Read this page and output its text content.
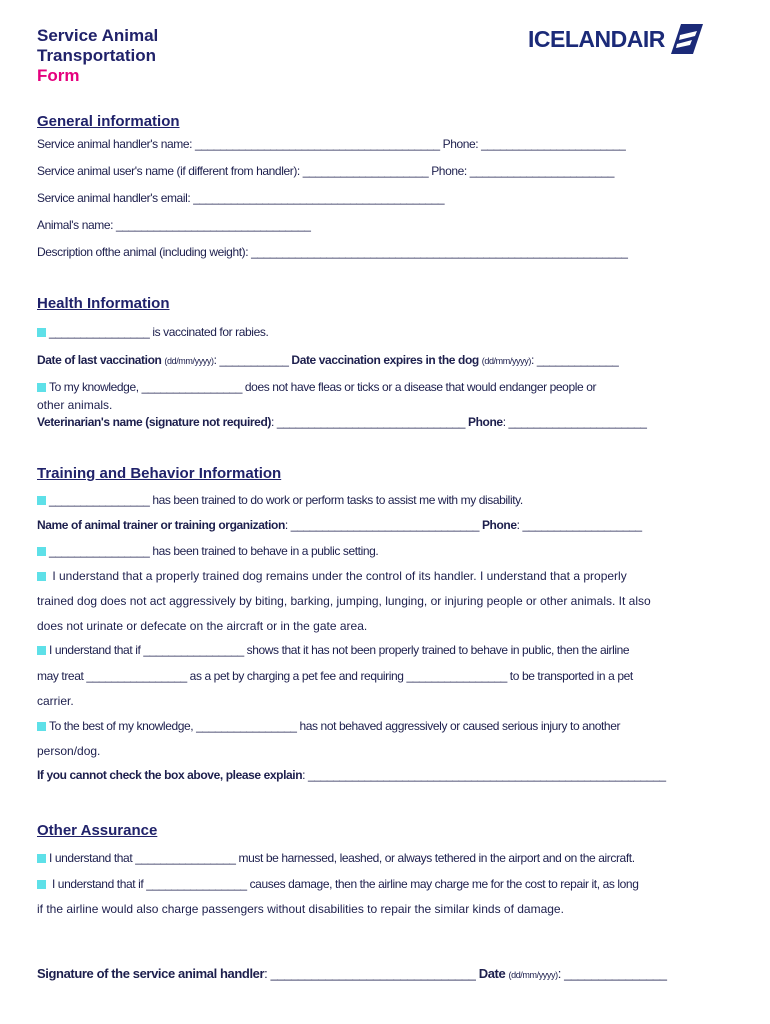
Service Animal
Transportation
Form
ICELANDAIR
General information
Service animal handler's name: _______________________________________ Phone: _______________________
Service animal user's name (if different from handler): ____________________ Phone: _______________________
Service animal handler's email: ________________________________________
Animal's name: _______________________________
Description ofthe animal (including weight): ____________________________________________________________
Health Information
________________ is vaccinated for rabies.
Date of last vaccination (dd/mm/yyyy): ___________ Date vaccination expires in the dog (dd/mm/yyyy): _____________
To my knowledge, ________________ does not have fleas or ticks or a disease that would endanger people or
other animals.
Veterinarian's name (signature not required): ______________________________ Phone: ______________________
Training and Behavior Information
________________ has been trained to do work or perform tasks to assist me with my disability.
Name of animal trainer or training organization: ______________________________ Phone: ___________________
________________ has been trained to behave in a public setting.
I understand that a properly trained dog remains under the control of its handler. I understand that a properly
trained dog does not act aggressively by biting, barking, jumping, lunging, or injuring people or other animals. It also
does not urinate or defecate on the aircraft or in the gate area.
I understand that if ________________ shows that it has not been properly trained to behave in public, then the airline
may treat ________________ as a pet by charging a pet fee and requiring ________________ to be transported in a pet
carrier.
To the best of my knowledge, ________________ has not behaved aggressively or caused serious injury to another
person/dog.
If you cannot check the box above, please explain: _________________________________________________________
Other Assurance
I understand that ________________ must be harnessed, leashed, or always tethered in the airport and on the aircraft.
I understand that if ________________ causes damage, then the airline may charge me for the cost to repair it, as long
if the airline would also charge passengers without disabilities to repair the similar kinds of damage.
Signature of the service animal handler: ______________________________ Date (dd/mm/yyyy): _______________
